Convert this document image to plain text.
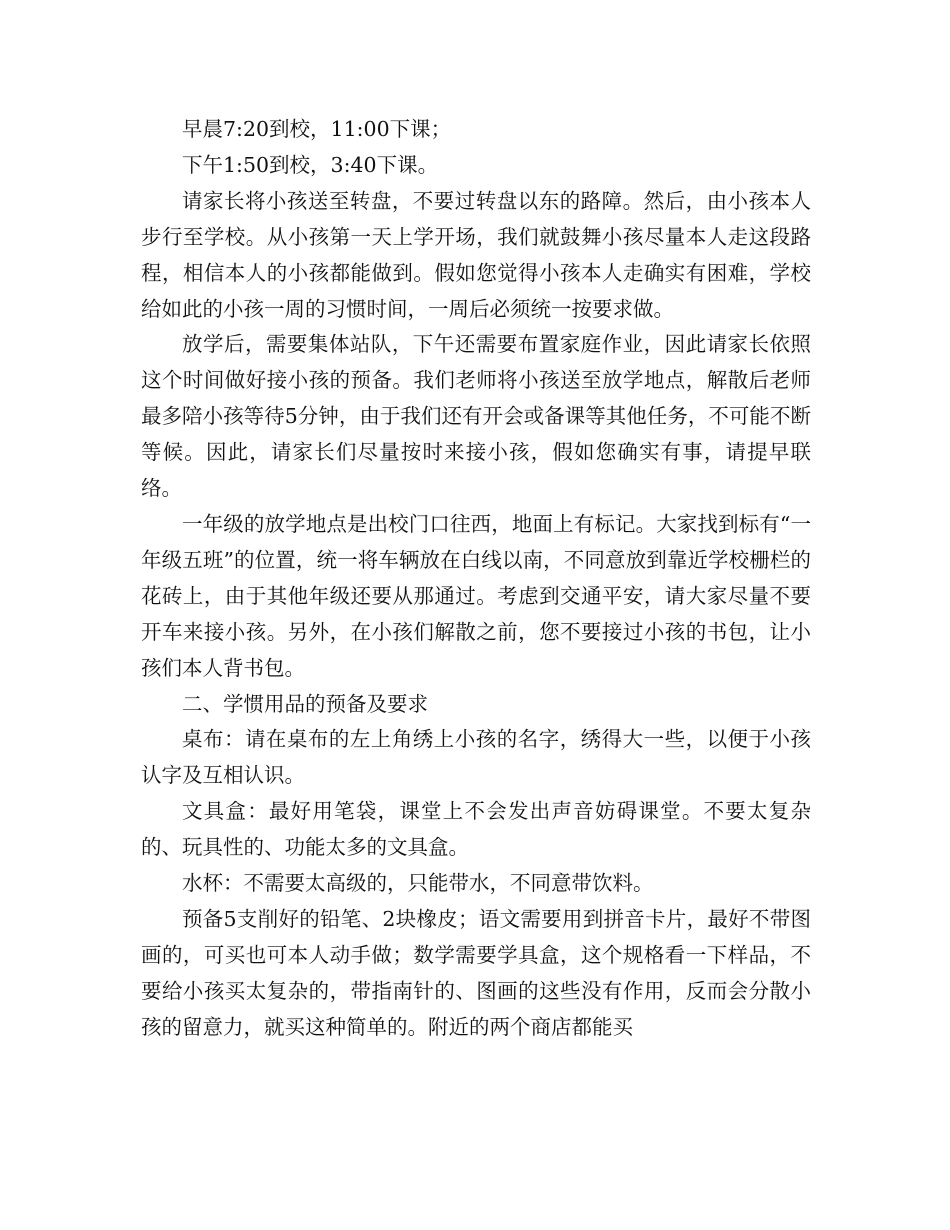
早晨7:20到校，11:00下课；

下午1:50到校，3:40下课。

请家长将小孩送至转盘，不要过转盘以东的路障。然后，由小孩本人步行至学校。从小孩第一天上学开场，我们就鼓舞小孩尽量本人走这段路程，相信本人的小孩都能做到。假如您觉得小孩本人走确实有困难，学校给如此的小孩一周的习惯时间，一周后必须统一按要求做。

放学后，需要集体站队，下午还需要布置家庭作业，因此请家长依照这个时间做好接小孩的预备。我们老师将小孩送至放学地点，解散后老师最多陪小孩等待5分钟，由于我们还有开会或备课等其他任务，不可能不断等候。因此，请家长们尽量按时来接小孩，假如您确实有事，请提早联络。

一年级的放学地点是出校门口往西，地面上有标记。大家找到标有“一年级五班”的位置，统一将车辆放在白线以南，不同意放到靠近学校栅栏的花砖上，由于其他年级还要从那通过。考虑到交通平安，请大家尽量不要开车来接小孩。另外，在小孩们解散之前，您不要接过小孩的书包，让小孩们本人背书包。

二、学惯用品的预备及要求

桌布：请在桌布的左上角绣上小孩的名字，绣得大一些，以便于小孩认字及互相认识。

文具盒：最好用笔袋，课堂上不会发出声音妨碍课堂。不要太复杂的、玩具性的、功能太多的文具盒。

水杯：不需要太高级的，只能带水，不同意带饮料。

预备5支削好的铅笔、2块橡皮；语文需要用到拼音卡片，最好不带图画的，可买也可本人动手做；数学需要学具盒，这个规格看一下样品，不要给小孩买太复杂的，带指南针的、图画的这些没有作用，反而会分散小孩的留意力，就买这种简单的。附近的两个商店都能买
